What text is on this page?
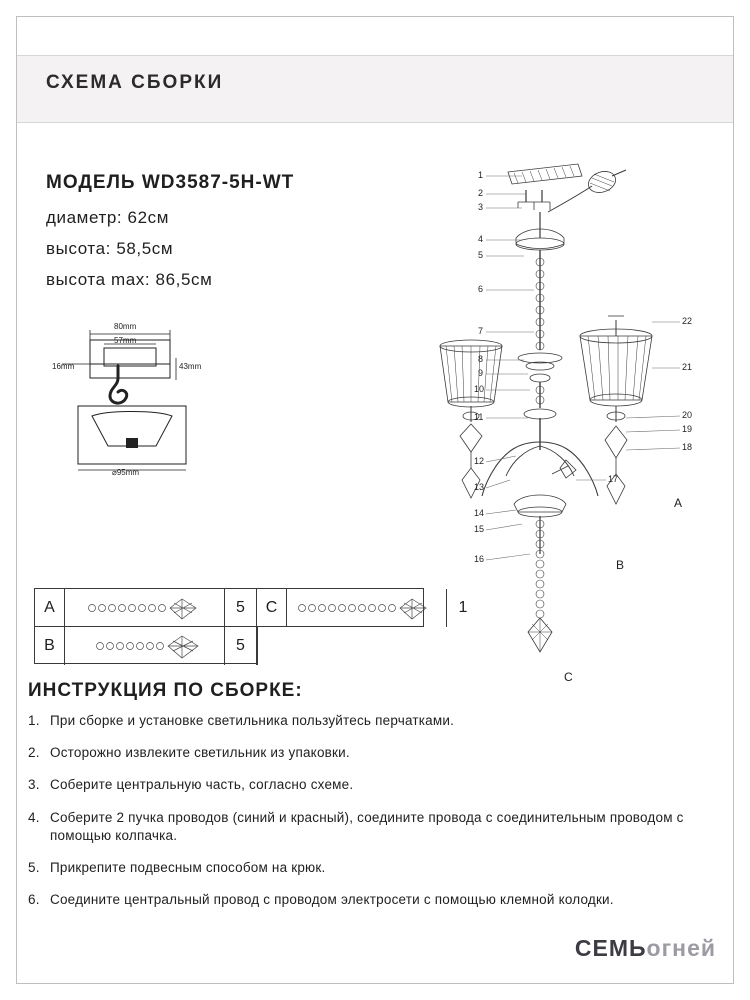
СХЕМА СБОРКИ
МОДЕЛЬ WD3587-5H-WT
диаметр: 62см
высота: 58,5см
высота max: 86,5см
80mm
57mm
16mm	43mm
⌀95mm
A	5	C	1
B	5
1
2
3
4
5
6
7
8
9
10
11
12
13
14
15
16
22
21
20
19
18
17
A
B
C
ИНСТРУКЦИЯ ПО СБОРКЕ:
1. При сборке и установке светильника пользуйтесь перчатками.
2. Осторожно извлеките светильник из упаковки.
3. Соберите центральную часть, согласно схеме.
4. Соберите 2 пучка проводов (синий и красный), соедините провода с соединительным проводом с помощью колпачка.
5. Прикрепите подвесным способом на крюк.
6. Соедините центральный провод с проводом электросети с помощью клемной колодки.
СЕМЬогней
